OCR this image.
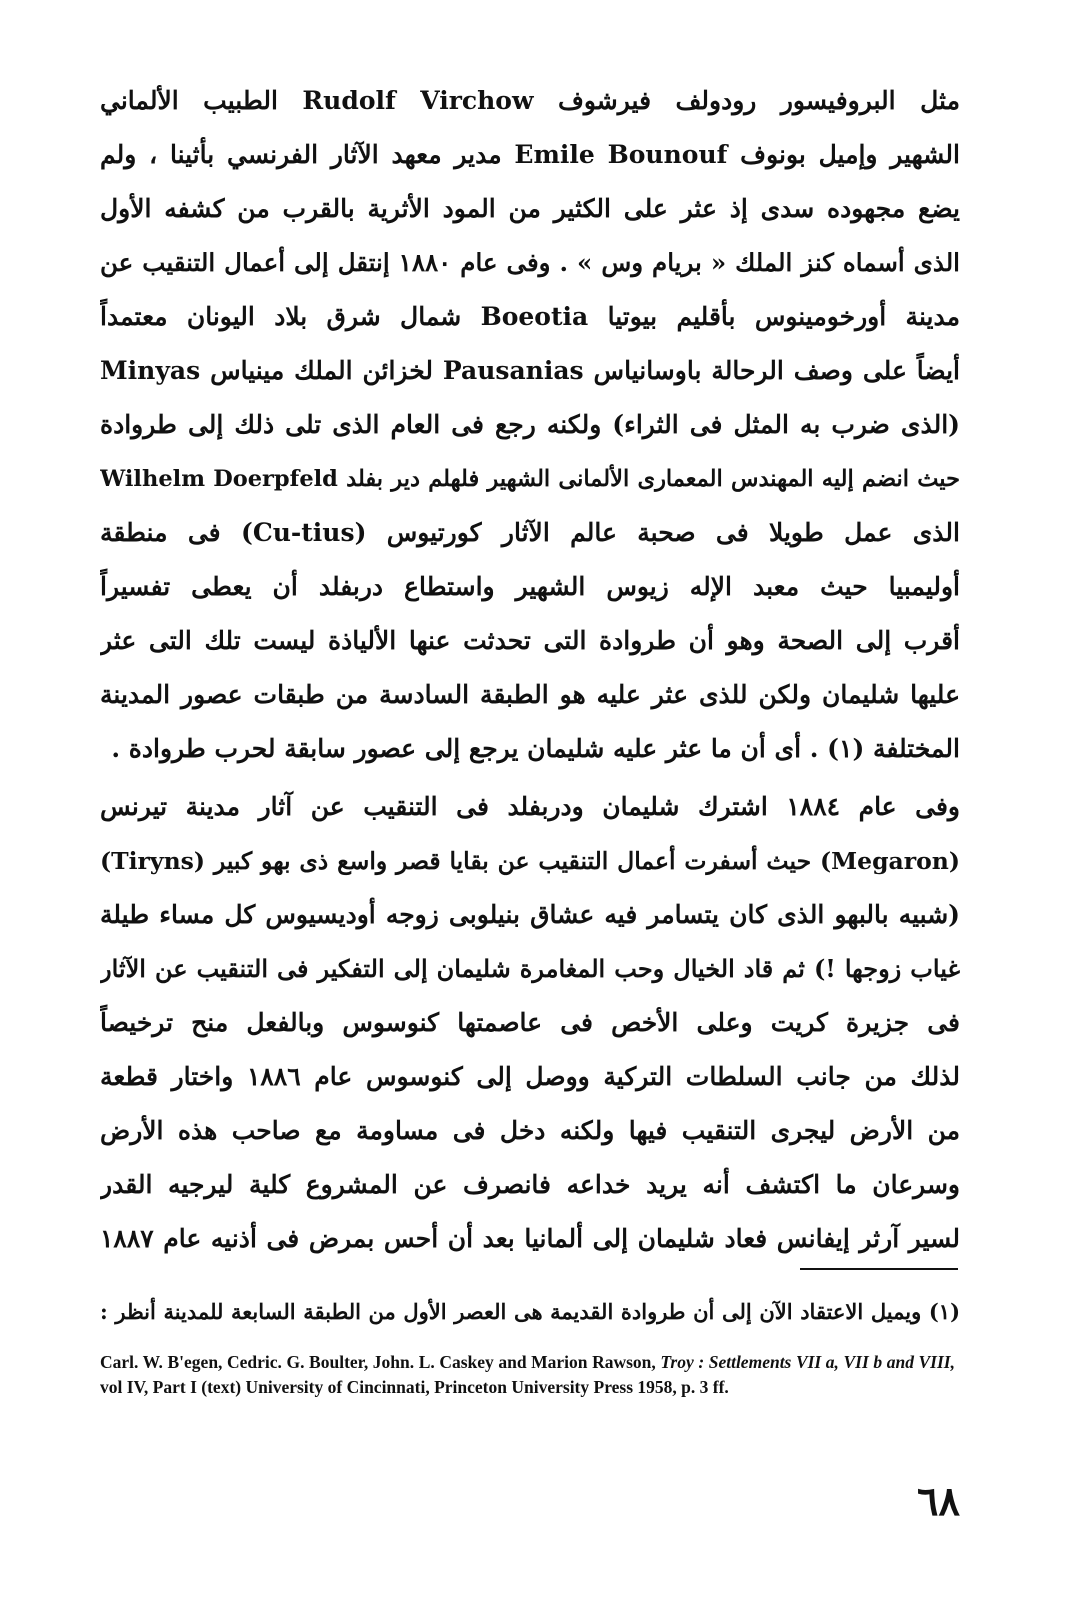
مثل البروفيسور رودولف فيرشوف Rudolf Virchow الطبيب الألماني
الشهير وإميل بونوف Emile Bounouf مدير معهد الآثار الفرنسي بأثينا ، ولم
يضع مجهوده سدى إذ عثر على الكثير من المود الأثرية بالقرب من كشفه الأول
الذى أسماه كنز الملك « بريام وس » . وفى عام ١٨٨٠ إنتقل إلى أعمال التنقيب عن
مدينة أورخومينوس بأقليم بيوتيا Boeotia شمال شرق بلاد اليونان معتمداً
أيضاً على وصف الرحالة باوسانياس Pausanias لخزائن الملك مينياس Minyas
(الذى ضرب به المثل فى الثراء) ولكنه رجع فى العام الذى تلى ذلك إلى طروادة
حيث انضم إليه المهندس المعمارى الألمانى الشهير فلهلم دير بفلد Wilhelm Doerpfeld
الذى عمل طويلا فى صحبة عالم الآثار كورتيوس (Cu-tius) فى منطقة
أوليمبيا حيث معبد الإله زيوس الشهير واستطاع دربفلد أن يعطى تفسيراً
أقرب إلى الصحة وهو أن طروادة التى تحدثت عنها الألياذة ليست تلك التى عثر
عليها شليمان ولكن للذى عثر عليه هو الطبقة السادسة من طبقات عصور المدينة
المختلفة (١) . أى أن ما عثر عليه شليمان يرجع إلى عصور سابقة لحرب طروادة .
وفى عام ١٨٨٤ اشترك شليمان ودربفلد فى التنقيب عن آثار مدينة تيرنس
(Tiryns) حيث أسفرت أعمال التنقيب عن بقايا قصر واسع ذى بهو كبير (Megaron)
(شبيه بالبهو الذى كان يتسامر فيه عشاق بنيلوبى زوجه أوديسيوس كل مساء طيلة
غياب زوجها !) ثم قاد الخيال وحب المغامرة شليمان إلى التفكير فى التنقيب عن الآثار
فى جزيرة كريت وعلى الأخص فى عاصمتها كنوسوس وبالفعل منح ترخيصاً
لذلك من جانب السلطات التركية ووصل إلى كنوسوس عام ١٨٨٦ واختار قطعة
من الأرض ليجرى التنقيب فيها ولكنه دخل فى مساومة مع صاحب هذه الأرض
وسرعان ما اكتشف أنه يريد خداعه فانصرف عن المشروع كلية ليرجيه القدر
لسير آرثر إيفانس فعاد شليمان إلى ألمانيا بعد أن أحس بمرض فى أذنيه عام ١٨٨٧
(١) ويميل الاعتقاد الآن إلى أن طروادة القديمة هى العصر الأول من الطبقة السابعة للمدينة أنظر :
Carl. W. B'egen, Cedric. G. Boulter, John. L. Caskey and Marion Rawson, Troy : Settlements VII a, VII b and VIII, vol IV, Part I (text) University of Cincinnati, Princeton University Press 1958, p. 3 ff.
٦٨
